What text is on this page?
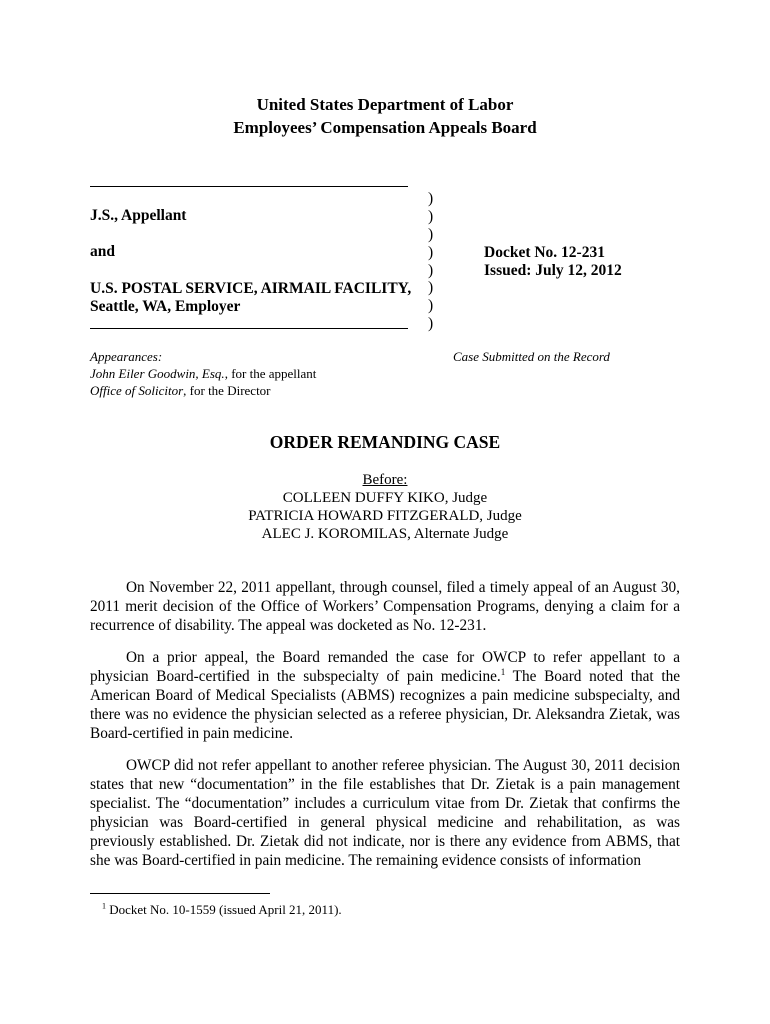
United States Department of Labor
Employees’ Compensation Appeals Board
J.S., Appellant
and
U.S. POSTAL SERVICE, AIRMAIL FACILITY,
Seattle, WA, Employer
)
)
)
)
)
)
)
)
Docket No. 12-231
Issued: July 12, 2012
Appearances:
John Eiler Goodwin, Esq., for the appellant
Office of Solicitor, for the Director
Case Submitted on the Record
ORDER REMANDING CASE
Before:
COLLEEN DUFFY KIKO, Judge
PATRICIA HOWARD FITZGERALD, Judge
ALEC J. KOROMILAS, Alternate Judge

On November 22, 2011 appellant, through counsel, filed a timely appeal of an August 30, 2011 merit decision of the Office of Workers’ Compensation Programs, denying a claim for a recurrence of disability. The appeal was docketed as No. 12-231.

On a prior appeal, the Board remanded the case for OWCP to refer appellant to a physician Board-certified in the subspecialty of pain medicine.$^1$ The Board noted that the American Board of Medical Specialists (ABMS) recognizes a pain medicine subspecialty, and there was no evidence the physician selected as a referee physician, Dr. Aleksandra Zietak, was Board-certified in pain medicine.

OWCP did not refer appellant to another referee physician. The August 30, 2011 decision states that new “documentation” in the file establishes that Dr. Zietak is a pain management specialist. The “documentation” includes a curriculum vitae from Dr. Zietak that confirms the physician was Board-certified in general physical medicine and rehabilitation, as was previously established. Dr. Zietak did not indicate, nor is there any evidence from ABMS, that she was Board-certified in pain medicine. The remaining evidence consists of information

$^1$ Docket No. 10-1559 (issued April 21, 2011).
